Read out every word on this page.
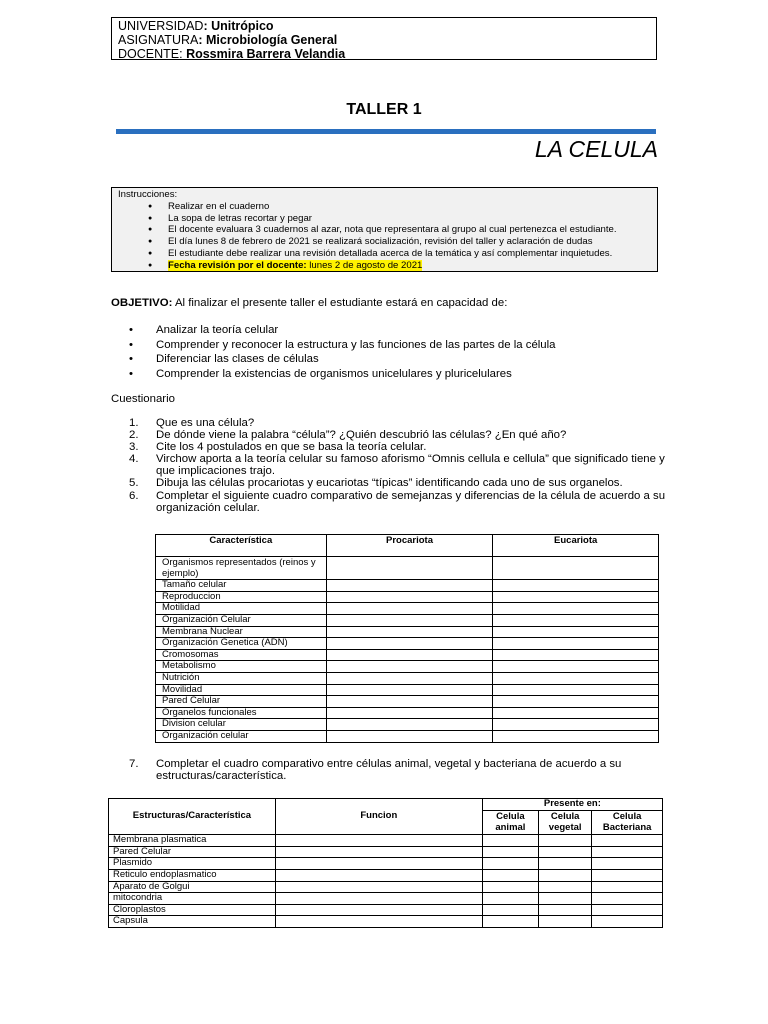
UNIVERSIDAD: Unitrópico
ASIGNATURA: Microbiología General
DOCENTE: Rossmira Barrera Velandia
TALLER 1
LA CELULA
Instrucciones:
● Realizar en el cuaderno
● La sopa de letras recortar y pegar
● El docente evaluara 3 cuadernos al azar, nota que representara al grupo al cual pertenezca el estudiante.
● El día lunes 8 de febrero de 2021 se realizará socialización, revisión del taller y aclaración de dudas
● El estudiante debe realizar una revisión detallada acerca de la temática y así complementar inquietudes.
● Fecha revisión por el docente: lunes 2 de agosto de 2021
OBJETIVO: Al finalizar el presente taller el estudiante estará en capacidad de:
• Analizar la teoría celular
• Comprender y reconocer la estructura y las funciones de las partes de la célula
• Diferenciar las clases de células
• Comprender la existencias de organismos unicelulares y pluricelulares
Cuestionario
1. Que es una célula?
2. De dónde viene la palabra “célula”? ¿Quién descubrió las células? ¿En qué año?
3. Cite los 4 postulados en que se basa la teoría celular.
4. Virchow aporta a la teoría celular su famoso aforismo “Omnis cellula e cellula” que significado tiene y que implicaciones trajo.
5. Dibuja las células procariotas y eucariotas “típicas” identificando cada uno de sus organelos.
6. Completar el siguiente cuadro comparativo de semejanzas y diferencias de la célula de acuerdo a su organización celular.
Característica	Procariota	Eucariota
Organismos representados (reinos y ejemplo)		
Tamaño celular		
Reproduccion		
Motilidad		
Organización Celular		
Membrana Nuclear		
Organización Genetica (ADN)		
Cromosomas		
Metabolismo		
Nutrición		
Movilidad		
Pared Celular		
Organelos funcionales		
Division celular		
Organización celular		
7.	Completar el cuadro comparativo entre células animal, vegetal y bacteriana de acuerdo a su estructuras/característica.
Estructuras/Característica	Funcion	Presente en:		
		Celula animal	Celula vegetal	Celula Bacteriana
Membrana plasmatica				
Pared Celular				
Plasmido				
Reticulo endoplasmatico				
Aparato de Golgui				
mitocondria				
Cloroplastos				
Capsula				
